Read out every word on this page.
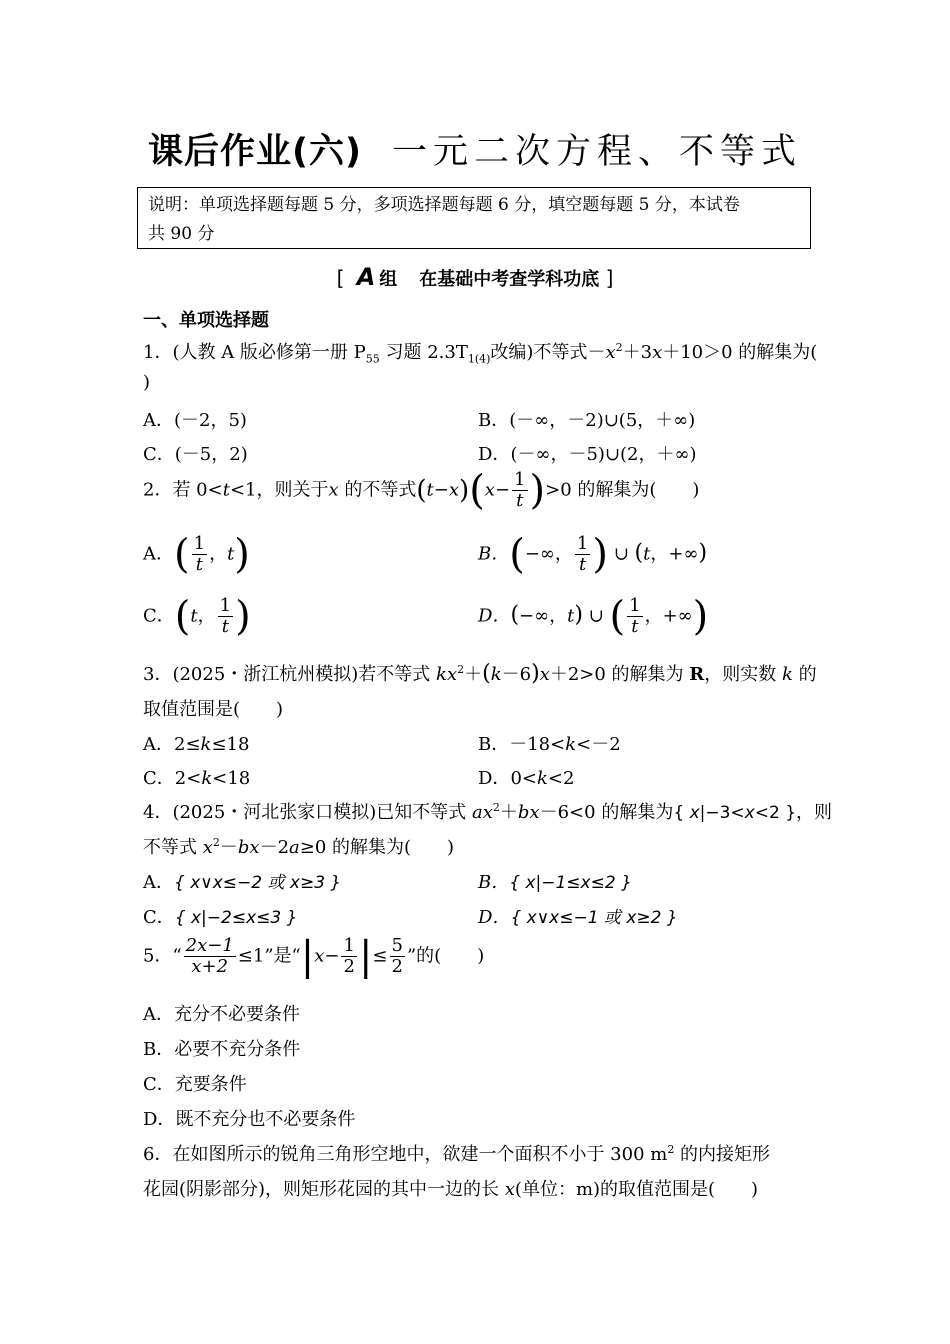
课后作业(六) 一元二次方程、不等式
说明：单项选择题每题 5 分，多项选择题每题 6 分，填空题每题 5 分，本试卷
共 90 分
[ A 组 在基础中考查学科功底 ]
一、单项选择题
1．(人教 A 版必修第一册 $P_{55}$ 习题 $2.3T_{1(4)}$改编)不等式$-x^2+3x+10>0$ 的解集为(
)
A．(－2，5)	B．(－∞，－2)∪(5，＋∞)
C．(－5，2)	D．(－∞，－5)∪(2，＋∞)
2．若 0<t<1，则关于x 的不等式$(t-x)(x- \frac{1}{t} )>0$ 的解集为(　　)
A．( $\frac{1}{t}$ ，t)	B．(−∞， $\frac{1}{t}$ ) ∪ (t，+∞)
C．(t， $\frac{1}{t}$ )	D．(−∞，t) ∪ ( $\frac{1}{t}$ ，+∞)
3．(2025・浙江杭州模拟)若不等式 $kx^2+(k-6)x+2>0$ 的解集为 R，则实数 k 的
取值范围是(　　)
A．2≤k≤18	B．－18<k<－2
C．2<k<18	D．0<k<2
4．(2025・河北张家口模拟)已知不等式 $ax^2+bx-6<0$ 的解集为{ x|−3<x<2 }，则
不等式 $x^2-bx-2a\ge 0$ 的解集为(　　)
A．{ x∨x≤−2 或 x≥3 }	B．{ x|−1≤x≤2 }
C．{ x|−2≤x≤3 }	D．{ x∨x≤−1 或 x≥2 }
5．“ $\frac{2x-1}{x+2} \le 1$”是“$|x- \frac{1}{2}$ |≤ $\frac{5}{2}$ ”的(　　)
A．充分不必要条件
B．必要不充分条件
C．充要条件
D．既不充分也不必要条件
6．在如图所示的锐角三角形空地中，欲建一个面积不小于 300 $m^2$ 的内接矩形
花园(阴影部分)，则矩形花园的其中一边的长 x(单位：m)的取值范围是(　　)
